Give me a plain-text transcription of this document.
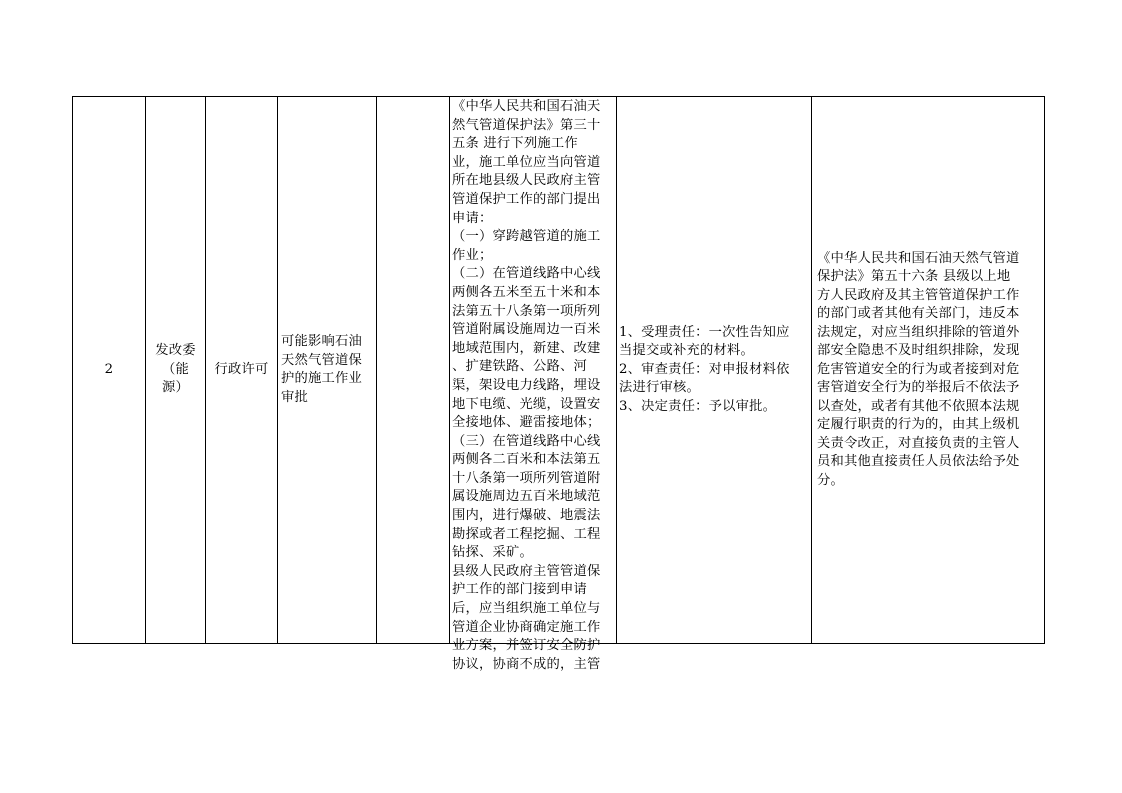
2
发改委
（能
源）
行政许可
可能影响石油
天然气管道保
护的施工作业
审批
《中华人民共和国石油天
然气管道保护法》第三十
五条 进行下列施工作
业，施工单位应当向管道
所在地县级人民政府主管
管道保护工作的部门提出
申请：
（一）穿跨越管道的施工
作业；
（二）在管道线路中心线
两侧各五米至五十米和本
法第五十八条第一项所列
管道附属设施周边一百米
地域范围内，新建、改建
、扩建铁路、公路、河
渠，架设电力线路，埋设
地下电缆、光缆，设置安
全接地体、避雷接地体；
（三）在管道线路中心线
两侧各二百米和本法第五
十八条第一项所列管道附
属设施周边五百米地域范
围内，进行爆破、地震法
勘探或者工程挖掘、工程
钻探、采矿。
县级人民政府主管管道保
护工作的部门接到申请
后，应当组织施工单位与
管道企业协商确定施工作
业方案，并签订安全防护
协议，协商不成的，主管
1、受理责任：一次性告知应
当提交或补充的材料。
2、审查责任：对申报材料依
法进行审核。
3、决定责任：予以审批。
《中华人民共和国石油天然气管道
保护法》第五十六条 县级以上地
方人民政府及其主管管道保护工作
的部门或者其他有关部门，违反本
法规定，对应当组织排除的管道外
部安全隐患不及时组织排除，发现
危害管道安全的行为或者接到对危
害管道安全行为的举报后不依法予
以查处，或者有其他不依照本法规
定履行职责的行为的，由其上级机
关责令改正，对直接负责的主管人
员和其他直接责任人员依法给予处
分。
